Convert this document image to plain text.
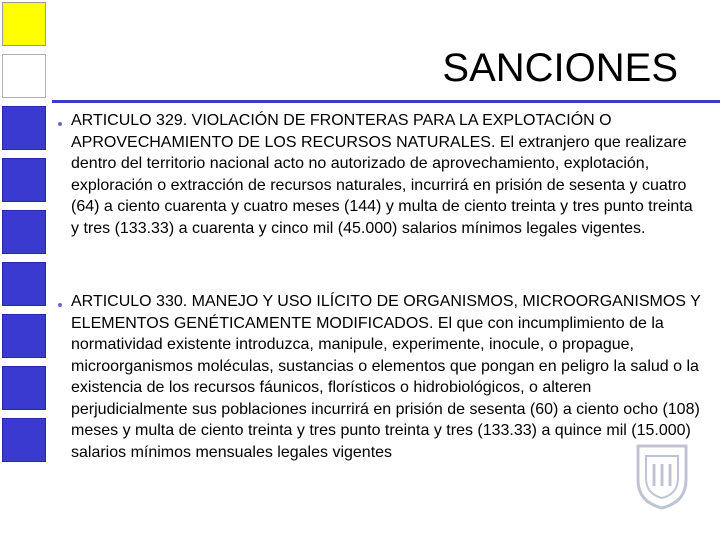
SANCIONES
ARTICULO 329. VIOLACIÓN DE FRONTERAS PARA LA EXPLOTACIÓN O APROVECHAMIENTO DE LOS RECURSOS NATURALES. El extranjero que realizare dentro del territorio nacional acto no autorizado de aprovechamiento, explotación, exploración o extracción de recursos naturales, incurrirá en prisión de sesenta y cuatro (64) a ciento cuarenta y cuatro meses (144) y multa de ciento treinta y tres punto treinta y tres (133.33) a cuarenta y cinco mil (45.000) salarios mínimos legales vigentes.
ARTICULO 330. MANEJO Y USO ILÍCITO DE ORGANISMOS, MICROORGANISMOS Y ELEMENTOS GENÉTICAMENTE MODIFICADOS. El que con incumplimiento de la normatividad existente introduzca, manipule, experimente, inocule, o propague, microorganismos moléculas, sustancias o elementos que pongan en peligro la salud o la existencia de los recursos fáunicos, florísticos o hidrobiológicos, o alteren perjudicialmente sus poblaciones incurrirá en prisión de sesenta (60) a ciento ocho (108) meses y multa de ciento treinta y tres punto treinta y tres (133.33) a quince mil (15.000) salarios mínimos mensuales legales vigentes
